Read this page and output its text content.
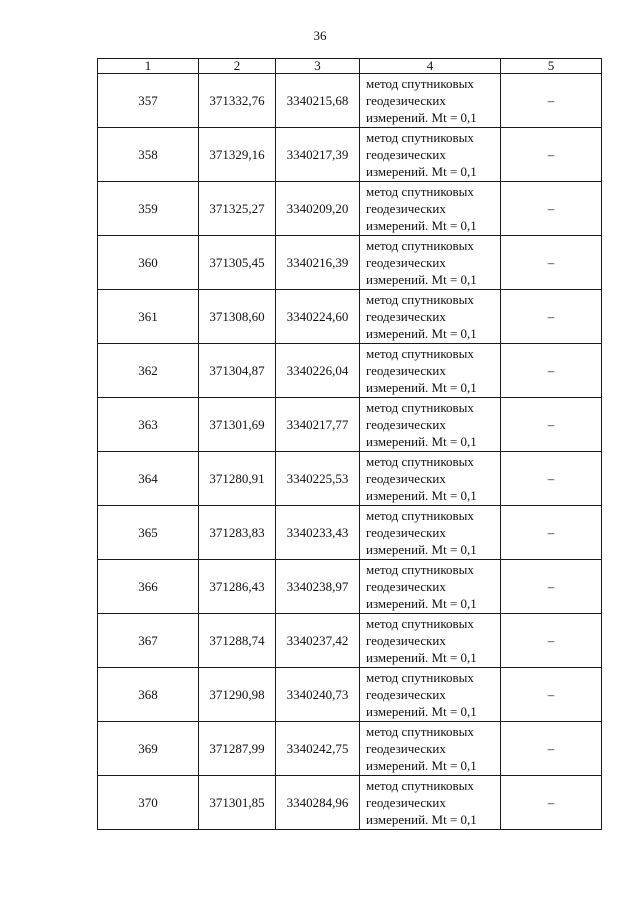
36
1	2	3	4	5
357	371332,76	3340215,68	метод спутниковых
геодезических
измерений. Mt = 0,1	–
358	371329,16	3340217,39	метод спутниковых
геодезических
измерений. Mt = 0,1	–
359	371325,27	3340209,20	метод спутниковых
геодезических
измерений. Mt = 0,1	–
360	371305,45	3340216,39	метод спутниковых
геодезических
измерений. Mt = 0,1	–
361	371308,60	3340224,60	метод спутниковых
геодезических
измерений. Mt = 0,1	–
362	371304,87	3340226,04	метод спутниковых
геодезических
измерений. Mt = 0,1	–
363	371301,69	3340217,77	метод спутниковых
геодезических
измерений. Mt = 0,1	–
364	371280,91	3340225,53	метод спутниковых
геодезических
измерений. Mt = 0,1	–
365	371283,83	3340233,43	метод спутниковых
геодезических
измерений. Mt = 0,1	–
366	371286,43	3340238,97	метод спутниковых
геодезических
измерений. Mt = 0,1	–
367	371288,74	3340237,42	метод спутниковых
геодезических
измерений. Mt = 0,1	–
368	371290,98	3340240,73	метод спутниковых
геодезических
измерений. Mt = 0,1	–
369	371287,99	3340242,75	метод спутниковых
геодезических
измерений. Mt = 0,1	–
370	371301,85	3340284,96	метод спутниковых
геодезических
измерений. Mt = 0,1	–
